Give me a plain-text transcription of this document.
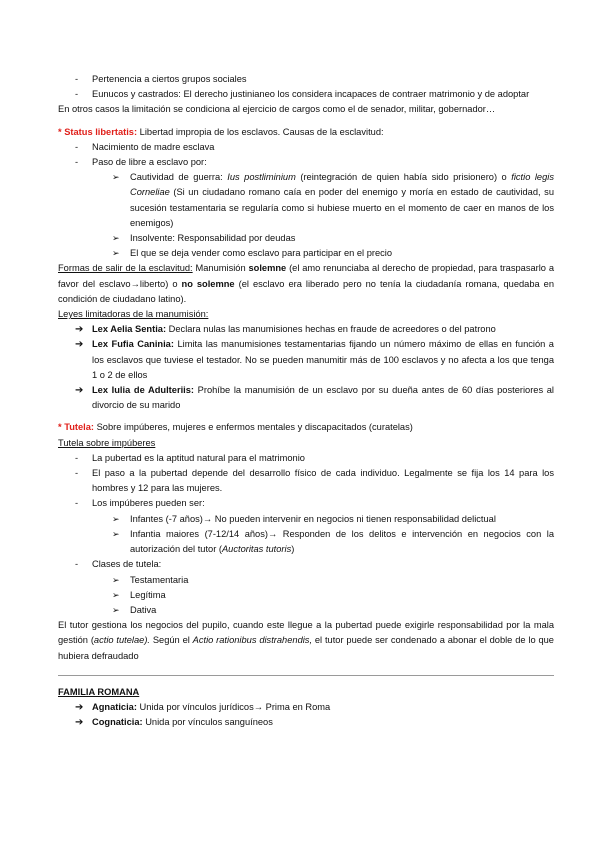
- Pertenencia a ciertos grupos sociales
- Eunucos y castrados: El derecho justinianeo los considera incapaces de contraer matrimonio y de adoptar

En otros casos la limitación se condiciona al ejercicio de cargos como el de senador, militar, gobernador…

* Status libertatis: Libertad impropia de los esclavos. Causas de la esclavitud:

- Nacimiento de madre esclava
- Paso de libre a esclavo por:
➢ Cautividad de guerra: Ius postliminium (reintegración de quien había sido prisionero) o fictio legis Corneliae (Si un ciudadano romano caía en poder del enemigo y moría en estado de cautividad, su sucesión testamentaria se regularía como si hubiese muerto en el momento de caer en manos de los enemigos)
➢ Insolvente: Responsabilidad por deudas
➢ El que se deja vender como esclavo para participar en el precio

Formas de salir de la esclavitud: Manumisión solemne (el amo renunciaba al derecho de propiedad, para traspasarlo a favor del esclavo→liberto) o no solemne (el esclavo era liberado pero no tenía la ciudadanía romana, quedaba en condición de ciudadano latino).

Leyes limitadoras de la manumisión:

➔ Lex Aelia Sentia: Declara nulas las manumisiones hechas en fraude de acreedores o del patrono
➔ Lex Fufia Caninia: Limita las manumisiones testamentarias fijando un número máximo de ellas en función a los esclavos que tuviese el testador. No se pueden manumitir más de 100 esclavos y no afecta a los que tenga 1 o 2 de ellos
➔ Lex Iulia de Adulteriis: Prohíbe la manumisión de un esclavo por su dueña antes de 60 días posteriores al divorcio de su marido

* Tutela: Sobre impúberes, mujeres e enfermos mentales y discapacitados (curatelas)

Tutela sobre impúberes

- La pubertad es la aptitud natural para el matrimonio
- El paso a la pubertad depende del desarrollo físico de cada individuo. Legalmente se fija los 14 para los hombres y 12 para las mujeres.
- Los impúberes pueden ser:
➢ Infantes (-7 años)→ No pueden intervenir en negocios ni tienen responsabilidad delictual
➢ Infantia maiores (7-12/14 años)→ Responden de los delitos e intervención en negocios con la autorización del tutor (Auctoritas tutoris)
- Clases de tutela:
➢ Testamentaria
➢ Legítima
➢ Dativa

El tutor gestiona los negocios del pupilo, cuando este llegue a la pubertad puede exigirle responsabilidad por la mala gestión (actio tutelae). Según el Actio rationibus distrahendis, el tutor puede ser condenado a abonar el doble de lo que hubiera defraudado

FAMILIA ROMANA

➔ Agnaticia: Unida por vínculos jurídicos→ Prima en Roma
➔ Cognaticia: Unida por vínculos sanguíneos
